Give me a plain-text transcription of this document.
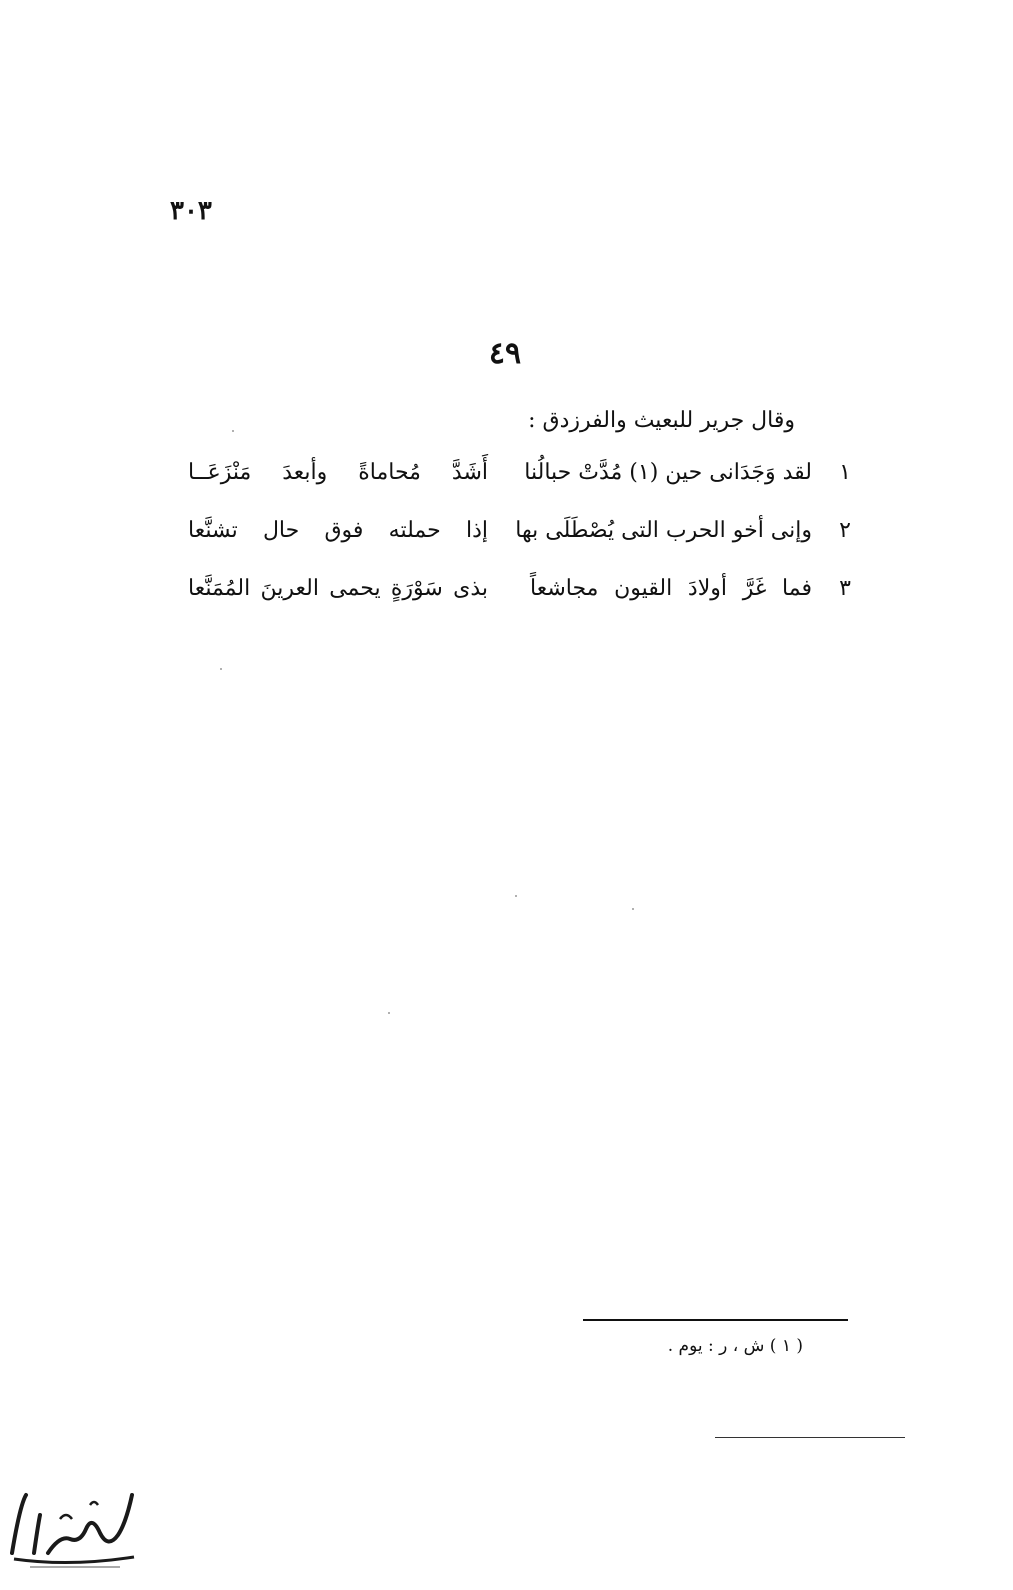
٣٠٣
٤٩
وقال جرير للبعيث والفرزدق :
١
لقد وَجَدَانى حين (١) مُدَّتْ حبالُنا
أَشَدَّ مُحاماةً وأبعدَ مَنْزَعَــا
٢
وإنى أخو الحرب التى يُصْطَلَى بها
إذا حملته فوق حال تشنَّعا
٣
فما غَرَّ أولادَ القيون مجاشعاً
بذى سَوْرَةٍ يحمى العرينَ المُمَنَّعا
( ١ ) ش ، ر : يوم .
